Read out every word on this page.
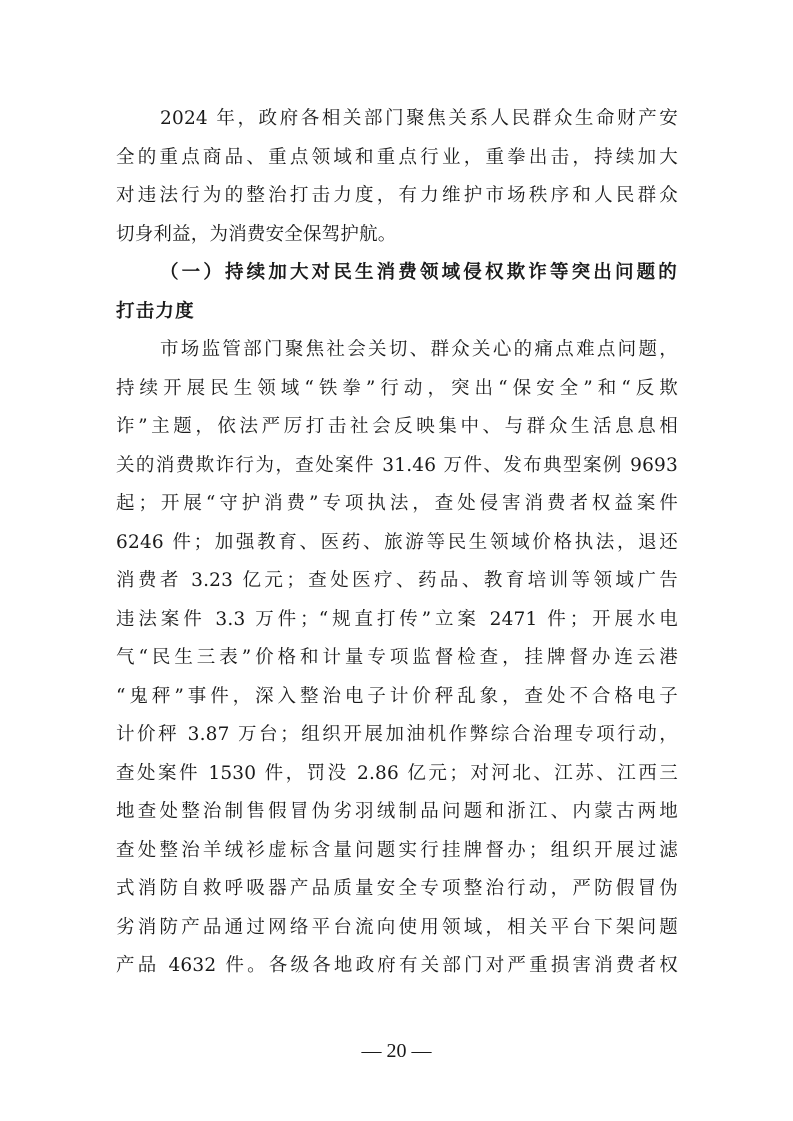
2024 年，政府各相关部门聚焦关系人民群众生命财产安
全的重点商品、重点领域和重点行业，重拳出击，持续加大
对违法行为的整治打击力度，有力维护市场秩序和人民群众
切身利益，为消费安全保驾护航。
（一）持续加大对民生消费领域侵权欺诈等突出问题的
打击力度
市场监管部门聚焦社会关切、群众关心的痛点难点问题，
持续开展民生领域“铁拳”行动，突出“保安全”和“反欺
诈”主题，依法严厉打击社会反映集中、与群众生活息息相
关的消费欺诈行为，查处案件 31.46 万件、发布典型案例 9693
起；开展“守护消费”专项执法，查处侵害消费者权益案件
6246 件；加强教育、医药、旅游等民生领域价格执法，退还
消费者 3.23 亿元；查处医疗、药品、教育培训等领域广告
违法案件 3.3 万件；“规直打传”立案 2471 件；开展水电
气“民生三表”价格和计量专项监督检查，挂牌督办连云港
“鬼秤”事件，深入整治电子计价秤乱象，查处不合格电子
计价秤 3.87 万台；组织开展加油机作弊综合治理专项行动，
查处案件 1530 件，罚没 2.86 亿元；对河北、江苏、江西三
地查处整治制售假冒伪劣羽绒制品问题和浙江、内蒙古两地
查处整治羊绒衫虚标含量问题实行挂牌督办；组织开展过滤
式消防自救呼吸器产品质量安全专项整治行动，严防假冒伪
劣消防产品通过网络平台流向使用领域，相关平台下架问题
产品 4632 件。各级各地政府有关部门对严重损害消费者权
— 20 —
